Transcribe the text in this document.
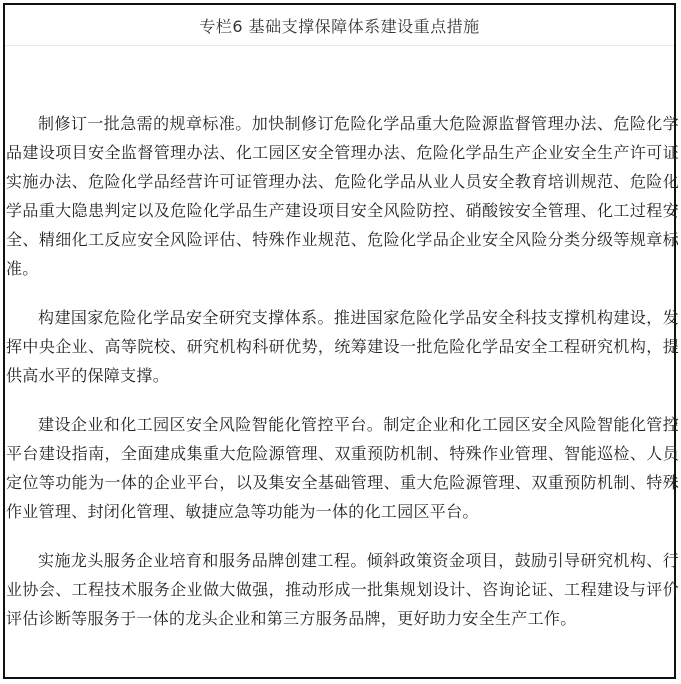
专栏6 基础支撑保障体系建设重点措施

制修订一批急需的规章标准。加快制修订危险化学品重大危险源监督管理办法、危险化学品建设项目安全监督管理办法、化工园区安全管理办法、危险化学品生产企业安全生产许可证实施办法、危险化学品经营许可证管理办法、危险化学品从业人员安全教育培训规范、危险化学品重大隐患判定以及危险化学品生产建设项目安全风险防控、硝酸铵安全管理、化工过程安全、精细化工反应安全风险评估、特殊作业规范、危险化学品企业安全风险分类分级等规章标准。

构建国家危险化学品安全研究支撑体系。推进国家危险化学品安全科技支撑机构建设，发挥中央企业、高等院校、研究机构科研优势，统筹建设一批危险化学品安全工程研究机构，提供高水平的保障支撑。

建设企业和化工园区安全风险智能化管控平台。制定企业和化工园区安全风险智能化管控平台建设指南，全面建成集重大危险源管理、双重预防机制、特殊作业管理、智能巡检、人员定位等功能为一体的企业平台，以及集安全基础管理、重大危险源管理、双重预防机制、特殊作业管理、封闭化管理、敏捷应急等功能为一体的化工园区平台。

实施龙头服务企业培育和服务品牌创建工程。倾斜政策资金项目，鼓励引导研究机构、行业协会、工程技术服务企业做大做强，推动形成一批集规划设计、咨询论证、工程建设与评价评估诊断等服务于一体的龙头企业和第三方服务品牌，更好助力安全生产工作。
